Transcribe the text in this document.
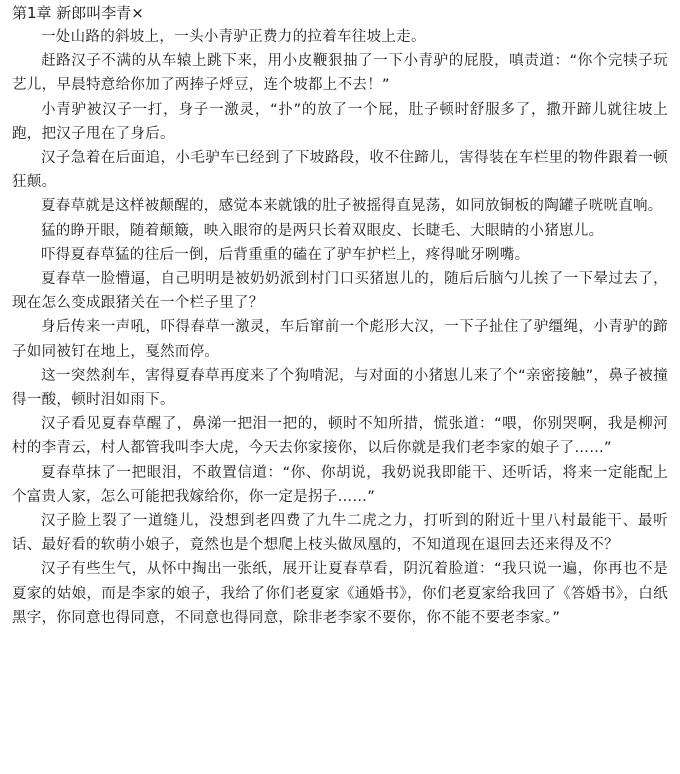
第1章 新郎叫李青×

一处山路的斜坡上，一头小青驴正费力的拉着车往坡上走。

赶路汉子不满的从车辕上跳下来，用小皮鞭狠抽了一下小青驴的屁股，嗔责道：“你个完犊子玩艺儿，早晨特意给你加了两捧子烀豆，连个坡都上不去！”

小青驴被汉子一打，身子一激灵，“扑”的放了一个屁，肚子顿时舒服多了，撒开蹄儿就往坡上跑，把汉子甩在了身后。

汉子急着在后面追，小毛驴车已经到了下坡路段，收不住蹄儿，害得装在车栏里的物件跟着一顿狂颠。

夏春草就是这样被颠醒的，感觉本来就饿的肚子被摇得直晃荡，如同放铜板的陶罐子咣咣直响。

猛的睁开眼，随着颠簸，映入眼帘的是两只长着双眼皮、长睫毛、大眼睛的小猪崽儿。

吓得夏春草猛的往后一倒，后背重重的磕在了驴车护栏上，疼得呲牙咧嘴。

夏春草一脸懵逼，自己明明是被奶奶派到村门口买猪崽儿的，随后后脑勺儿挨了一下晕过去了，现在怎么变成跟猪关在一个栏子里了？

身后传来一声吼，吓得春草一激灵，车后窜前一个彪形大汉，一下子扯住了驴缰绳，小青驴的蹄子如同被钉在地上，戛然而停。

这一突然刹车，害得夏春草再度来了个狗啃泥，与对面的小猪崽儿来了个“亲密接触”，鼻子被撞得一酸，顿时泪如雨下。

汉子看见夏春草醒了，鼻涕一把泪一把的，顿时不知所措，慌张道：“喂，你别哭啊，我是柳河村的李青云，村人都管我叫李大虎，今天去你家接你，以后你就是我们老李家的娘子了……”

夏春草抹了一把眼泪，不敢置信道：“你、你胡说，我奶说我即能干、还听话，将来一定能配上个富贵人家，怎么可能把我嫁给你，你一定是拐子……”

汉子脸上裂了一道缝儿，没想到老四费了九牛二虎之力，打听到的附近十里八村最能干、最听话、最好看的软萌小娘子，竟然也是个想爬上枝头做凤凰的，不知道现在退回去还来得及不？

汉子有些生气，从怀中掏出一张纸，展开让夏春草看，阴沉着脸道：“我只说一遍，你再也不是夏家的姑娘，而是李家的娘子，我给了你们老夏家《通婚书》，你们老夏家给我回了《答婚书》，白纸黑字，你同意也得同意，不同意也得同意，除非老李家不要你，你不能不要老李家。”
